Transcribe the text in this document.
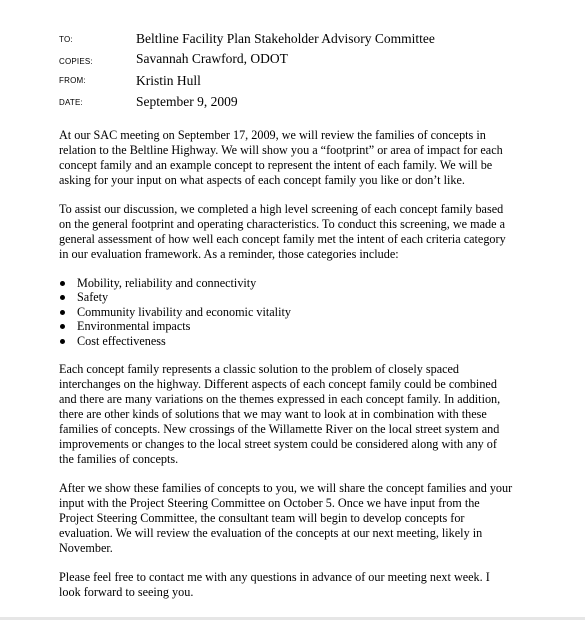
TO:	Beltline Facility Plan Stakeholder Advisory Committee
COPIES:	Savannah Crawford, ODOT
FROM:	Kristin Hull
DATE:	September 9, 2009

At our SAC meeting on September 17, 2009, we will review the families of concepts in
relation to the Beltline Highway. We will show you a “footprint” or area of impact for each
concept family and an example concept to represent the intent of each family. We will be
asking for your input on what aspects of each concept family you like or don’t like.

To assist our discussion, we completed a high level screening of each concept family based
on the general footprint and operating characteristics. To conduct this screening, we made a
general assessment of how well each concept family met the intent of each criteria category
in our evaluation framework. As a reminder, those categories include:

Mobility, reliability and connectivity
Safety
Community livability and economic vitality
Environmental impacts
Cost effectiveness

Each concept family represents a classic solution to the problem of closely spaced
interchanges on the highway. Different aspects of each concept family could be combined
and there are many variations on the themes expressed in each concept family. In addition,
there are other kinds of solutions that we may want to look at in combination with these
families of concepts. New crossings of the Willamette River on the local street system and
improvements or changes to the local street system could be considered along with any of
the families of concepts.

After we show these families of concepts to you, we will share the concept families and your
input with the Project Steering Committee on October 5. Once we have input from the
Project Steering Committee, the consultant team will begin to develop concepts for
evaluation. We will review the evaluation of the concepts at our next meeting, likely in
November.

Please feel free to contact me with any questions in advance of our meeting next week. I
look forward to seeing you.
